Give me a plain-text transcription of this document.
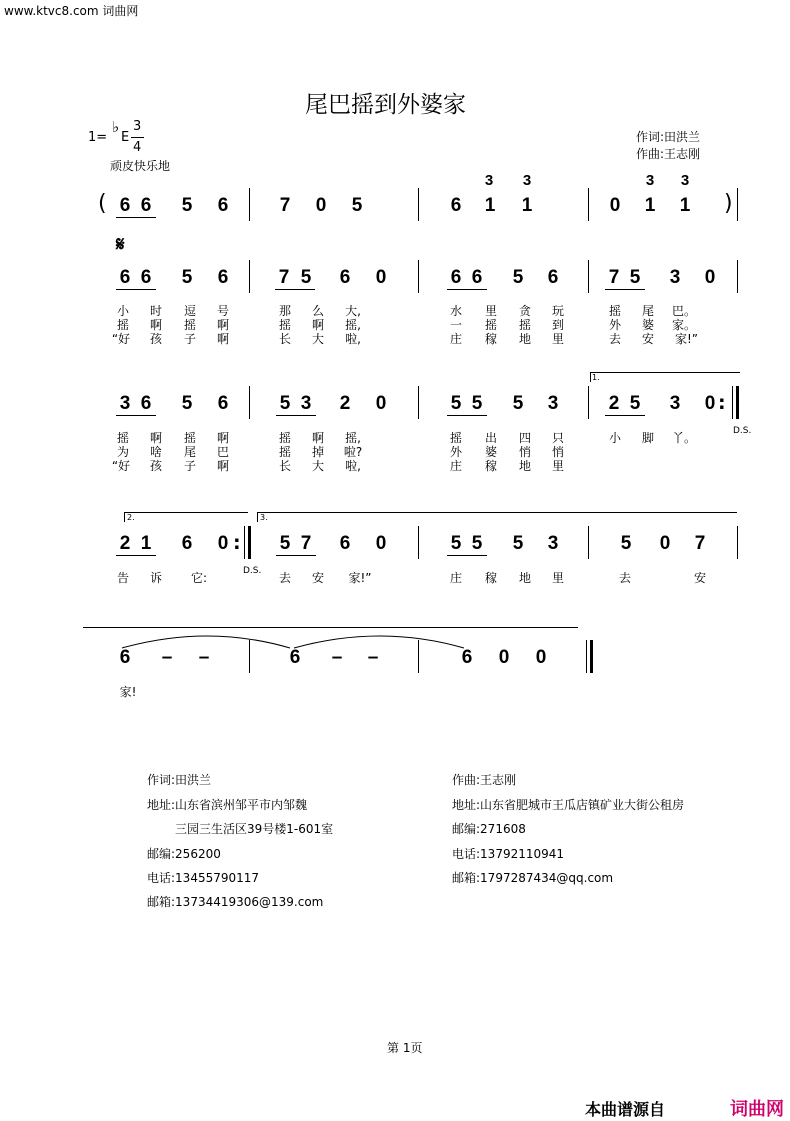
www.ktvc8.com 词曲网
尾巴摇到外婆家
1=
♭
E
3
4
顽皮快乐地
作词:田洪兰
作曲:王志刚
3	3	3	3
(	)
6 6 5 6	7 0 5	6 1 1	0 1 1
𝄋
6 6 5 6	7 5 6 0	6 6 5 6	7 5 3 0
小	时	逗	号	那	么	大,	水	里	贪	玩	摇	尾	巴。
摇	啊	摇	啊	摇	啊	摇,	一	摇	摇	到	外	婆	家。
“好	孩	子	啊	长	大	啦,	庄	稼	地	里	去	安	家!”
1.
3 6 5 6	5 3 2 0	5 5 5 3	2 5 3 0 :
D.S.
摇	啊	摇	啊	摇	啊	摇,	摇	出	四	只	小	脚	丫。
为	啥	尾	巴	摇	掉	啦?	外	婆	悄	悄
“好	孩	子	啊	长	大	啦,	庄	稼	地	里
2.	3.
2 1 6 0 :
D.S.
5 7 6 0	5 5 5 3	5 0 7
告	诉	它:	去	安	家!”	庄	稼	地	里	去	安
6 – –	6 – –	6 0 0
家!
作词:田洪兰
地址:山东省滨州邹平市内邹魏
三园三生活区39号楼1-601室
邮编:256200
电话:13455790117
邮箱:13734419306@139.com
作曲:王志刚
地址:山东省肥城市王瓜店镇矿业大街公租房
邮编:271608
电话:13792110941
邮箱:1797287434@qq.com
第 1页
本曲谱源自	词曲网
